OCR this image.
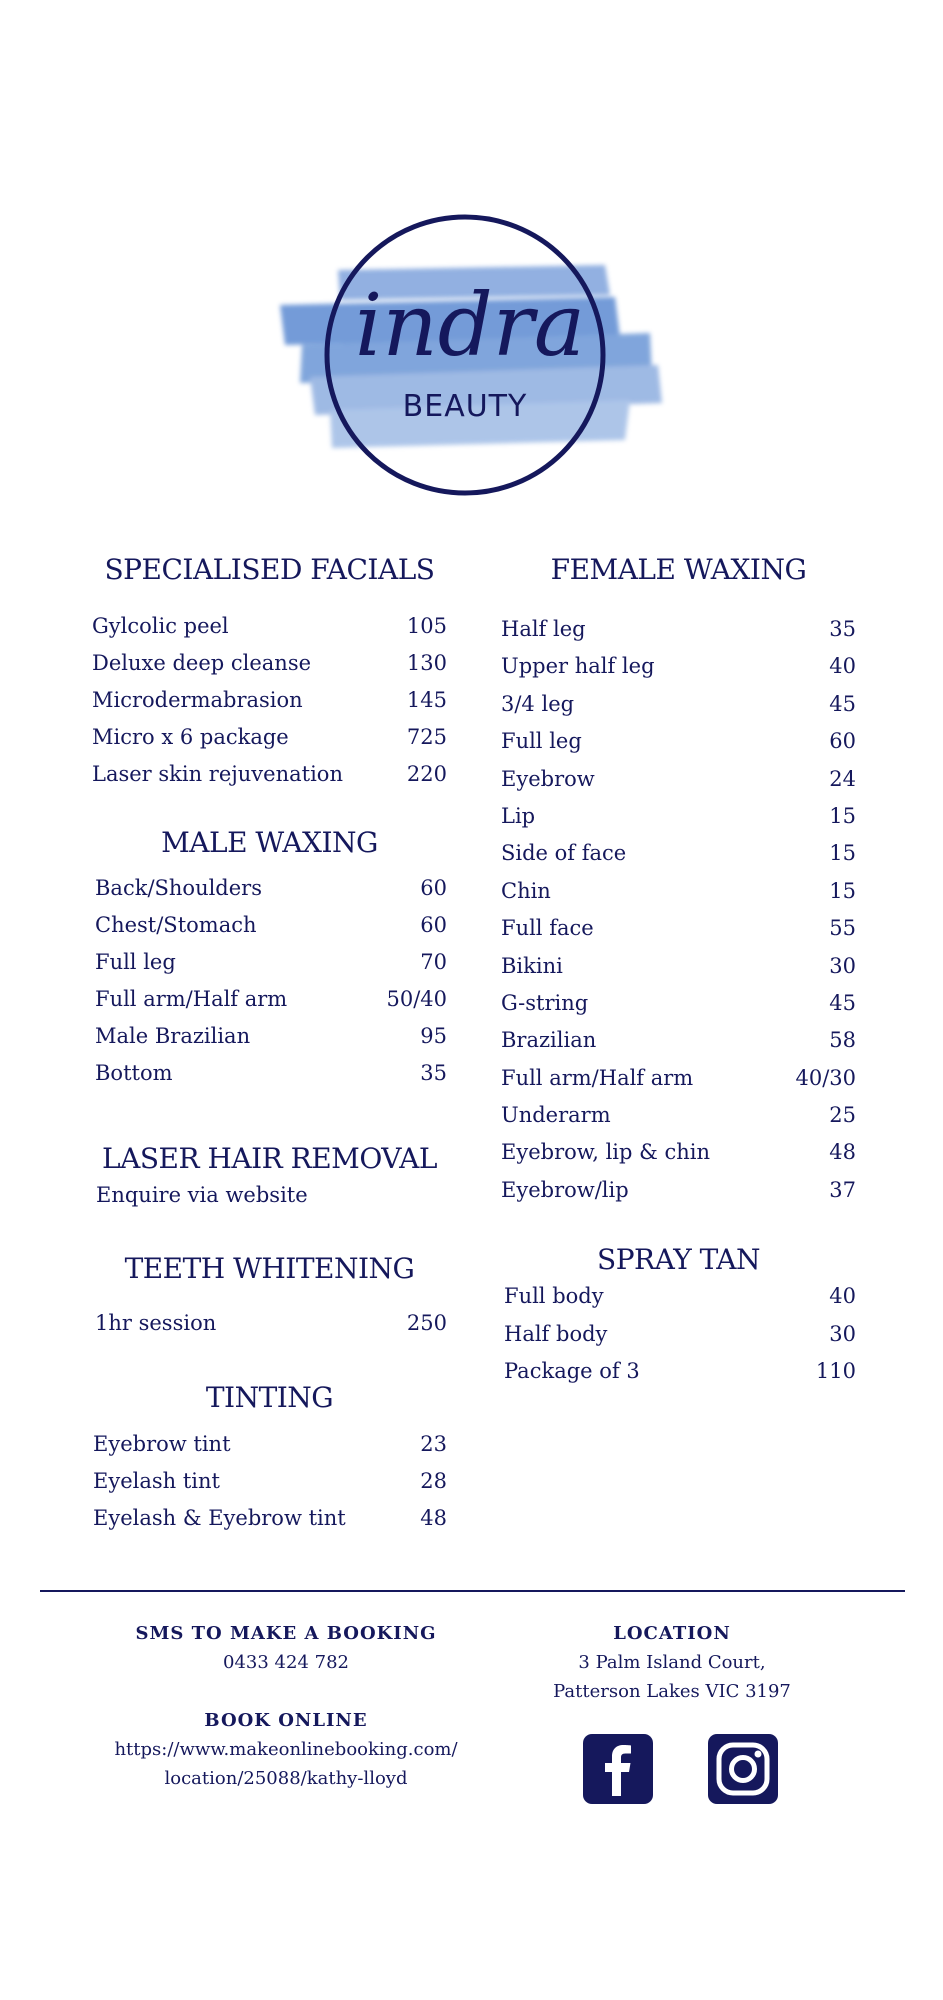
indra
BEAUTY
SPECIALISED FACIALS
Gylcolic peel	105
Deluxe deep cleanse	130
Microdermabrasion	145
Micro x 6 package	725
Laser skin rejuvenation	220
MALE WAXING
Back/Shoulders	60
Chest/Stomach	60
Full leg	70
Full arm/Half arm	50/40
Male Brazilian	95
Bottom	35
LASER HAIR REMOVAL
Enquire via website
TEETH WHITENING
1hr session	250
TINTING
Eyebrow tint	23
Eyelash tint	28
Eyelash & Eyebrow tint	48
FEMALE WAXING
Half leg	35
Upper half leg	40
3/4 leg	45
Full leg	60
Eyebrow	24
Lip	15
Side of face	15
Chin	15
Full face	55
Bikini	30
G-string	45
Brazilian	58
Full arm/Half arm	40/30
Underarm	25
Eyebrow, lip & chin	48
Eyebrow/lip	37
SPRAY TAN
Full body	40
Half body	30
Package of 3	110
SMS TO MAKE A BOOKING
0433 424 782
BOOK ONLINE
https://www.makeonlinebooking.com/
location/25088/kathy-lloyd
LOCATION
3 Palm Island Court,
Patterson Lakes VIC 3197
